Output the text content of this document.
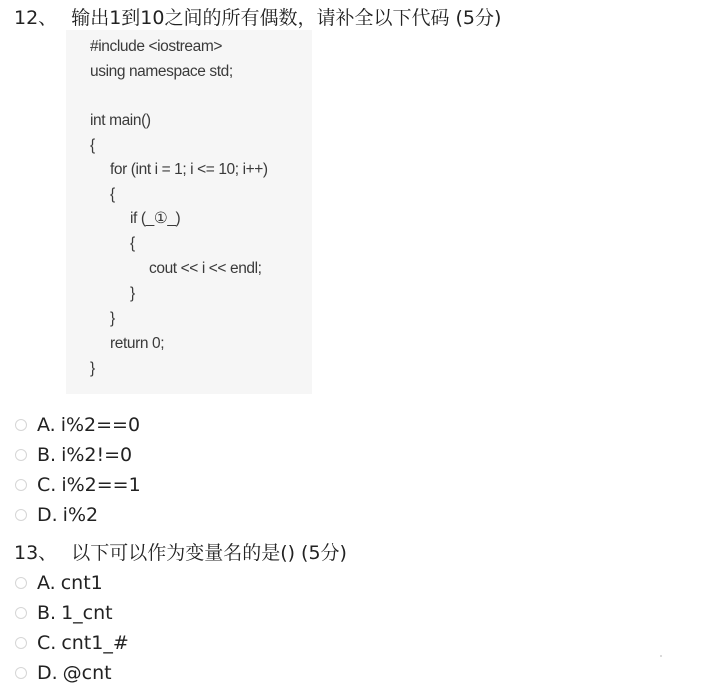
12、 输出1到10之间的所有偶数，请补全以下代码 (5分)
#include <iostream>
using namespace std;
int main()
{
for (int i = 1; i <= 10; i++)
{
if (_①_)
{
cout << i << endl;
}
}
return 0;
}
A. i%2==0
B. i%2!=0
C. i%2==1
D. i%2
13、 以下可以作为变量名的是() (5分)
A. cnt1
B. 1_cnt
C. cnt1_#
D. @cnt
